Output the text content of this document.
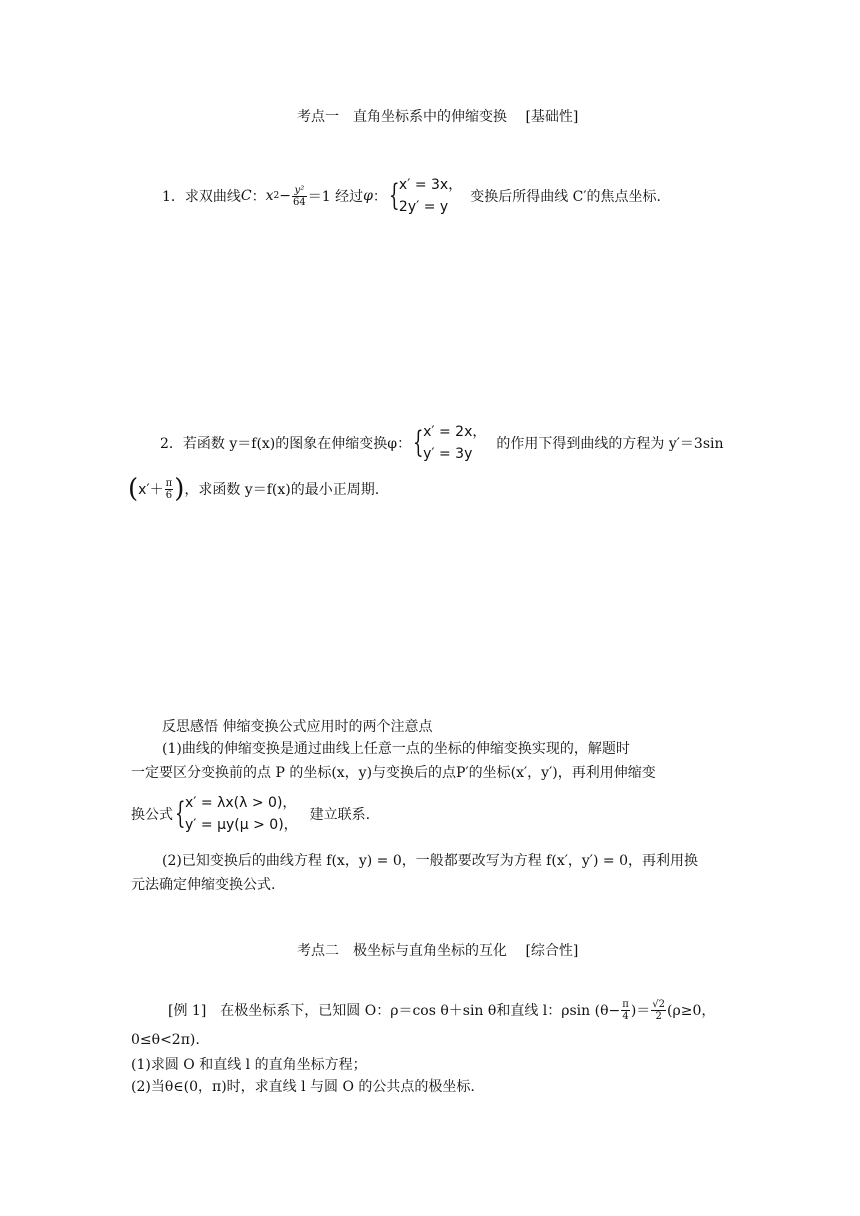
考点一　直角坐标系中的伸缩变换 [基础性]
1．求双曲线 C ： x $2 - \frac{\text{y²}}{64} =1$ 经过 φ ： { x′ = 3x，
2y′ = y
变换后所得曲线 C′的焦点坐标.
2．若函数 y＝f(x)的图象在伸缩变换φ： { x′ = 2x，
y′ = 3y
的作用下得到曲线的方程为 y′＝3sin
( $x'+ \frac{\pi}{6}$ ) ，求函数 y＝f(x)的最小正周期.
反思感悟 伸缩变换公式应用时的两个注意点
(1)曲线的伸缩变换是通过曲线上任意一点的坐标的伸缩变换实现的，解题时
一定要区分变换前的点 P 的坐标(x，y)与变换后的点P′的坐标(x′，y′)，再利用伸缩变
换公式 { x′ = λx(λ > 0)，
y′ = μy(μ > 0)，
建立联系.
(2)已知变换后的曲线方程 f(x，y) = 0，一般都要改写为方程 f(x′，y′) = 0，再利用换
元法确定伸缩变换公式.
考点二　极坐标与直角坐标的互化 [综合性]
[例 1] 在极坐标系下，已知圆 O：ρ＝cos θ＋sin θ和直线 l：ρsin ($\theta- \frac{\pi}{4}$ )＝ $\frac{√2}{2} (\rho\ge 0$，
0≤θ<2π).
(1)求圆 O 和直线 l 的直角坐标方程；
(2)当θ∈(0，π)时，求直线 l 与圆 O 的公共点的极坐标.
